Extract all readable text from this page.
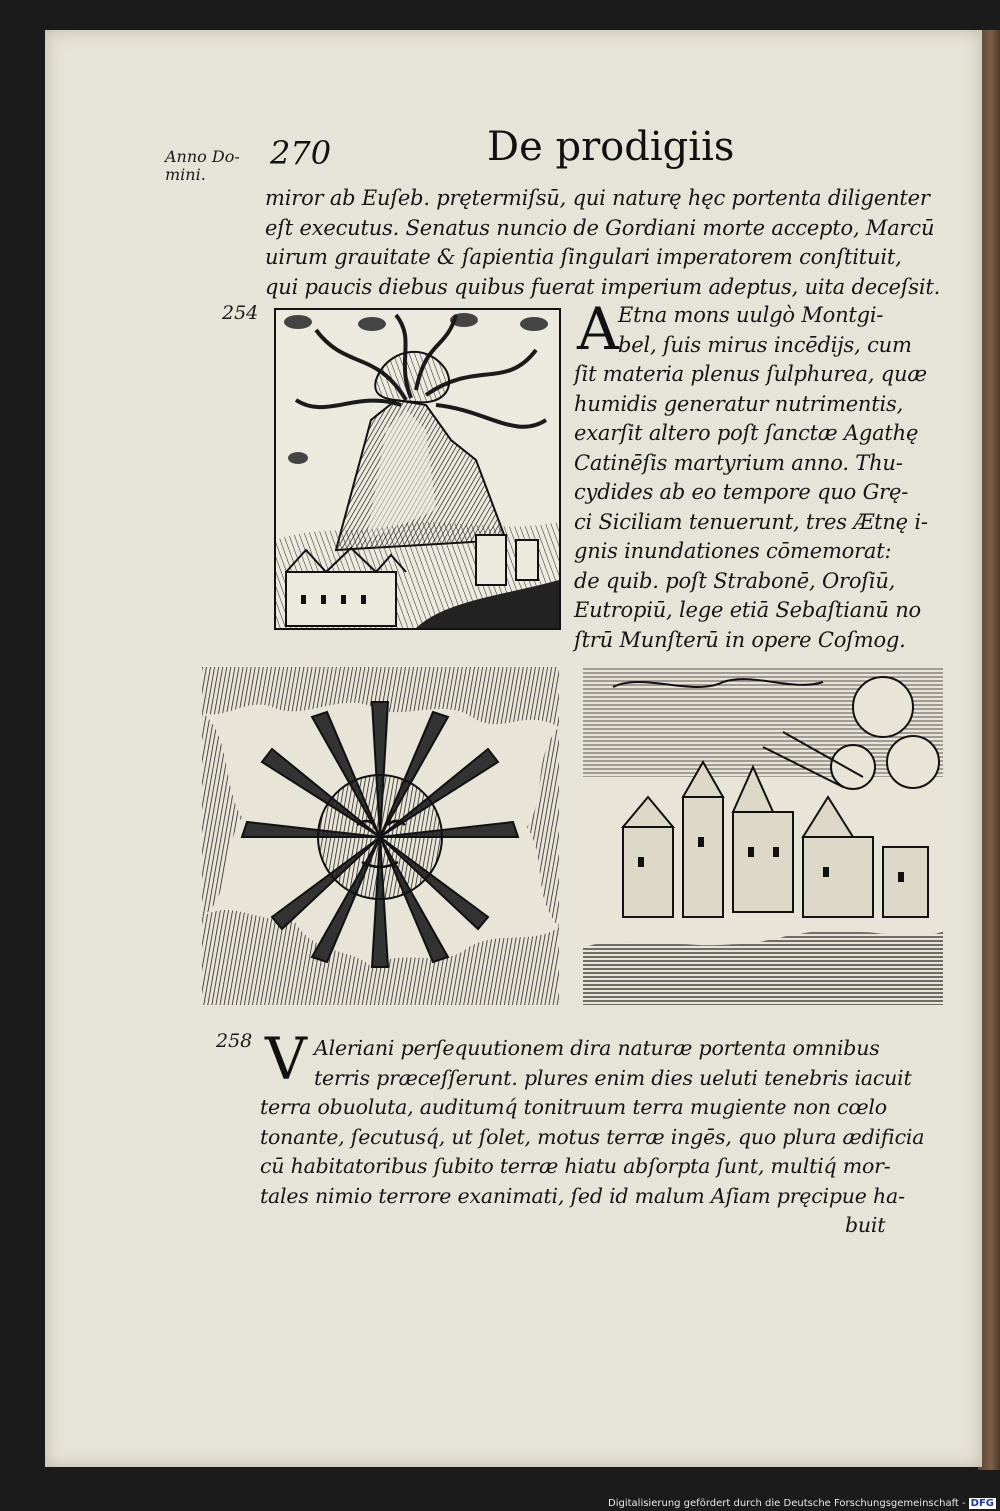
Anno Do-
mini.
270	De prodigiis
miror ab Euſeb. prętermiſsū, qui naturę hęc portenta diligenter
eſt executus. Senatus nuncio de Gordiani morte accepto, Marcū
uirum grauitate & ſapientia ſingulari imperatorem conſtituit,
qui paucis diebus quibus fuerat imperium adeptus, uita deceſsit.
254	A Etna mons uulgò Montgi-
bel, ſuis mirus incēdijs, cum
ſit materia plenus ſulphurea, quæ
humidis generatur nutrimentis,
exarſit altero poſt ſanctæ Agathę
Catinēſis martyrium anno. Thu-
cydides ab eo tempore quo Grę-
ci Siciliam tenuerunt, tres Ætnę i-
gnis inundationes cōmemorat:
de quib. poſt Strabonē, Oroſiū,
Eutropiū, lege etiā Sebaſtianū no
ſtrū Munſterū in opere Coſmog.
258 V Aleriani perſequutionem dira naturæ portenta omnibus
terris præceſſerunt. plures enim dies ueluti tenebris iacuit
terra obuoluta, auditumq́ tonitruum terra mugiente non cœlo
tonante, ſecutusq́, ut ſolet, motus terræ ingēs, quo plura ædificia
cū habitatoribus ſubito terræ hiatu abſorpta ſunt, multiq́ mor-
tales nimio terrore exanimati, ſed id malum Aſiam pręcipue ha-
buit
Digitalisierung gefördert durch die Deutsche Forschungsgemeinschaft - DFG
